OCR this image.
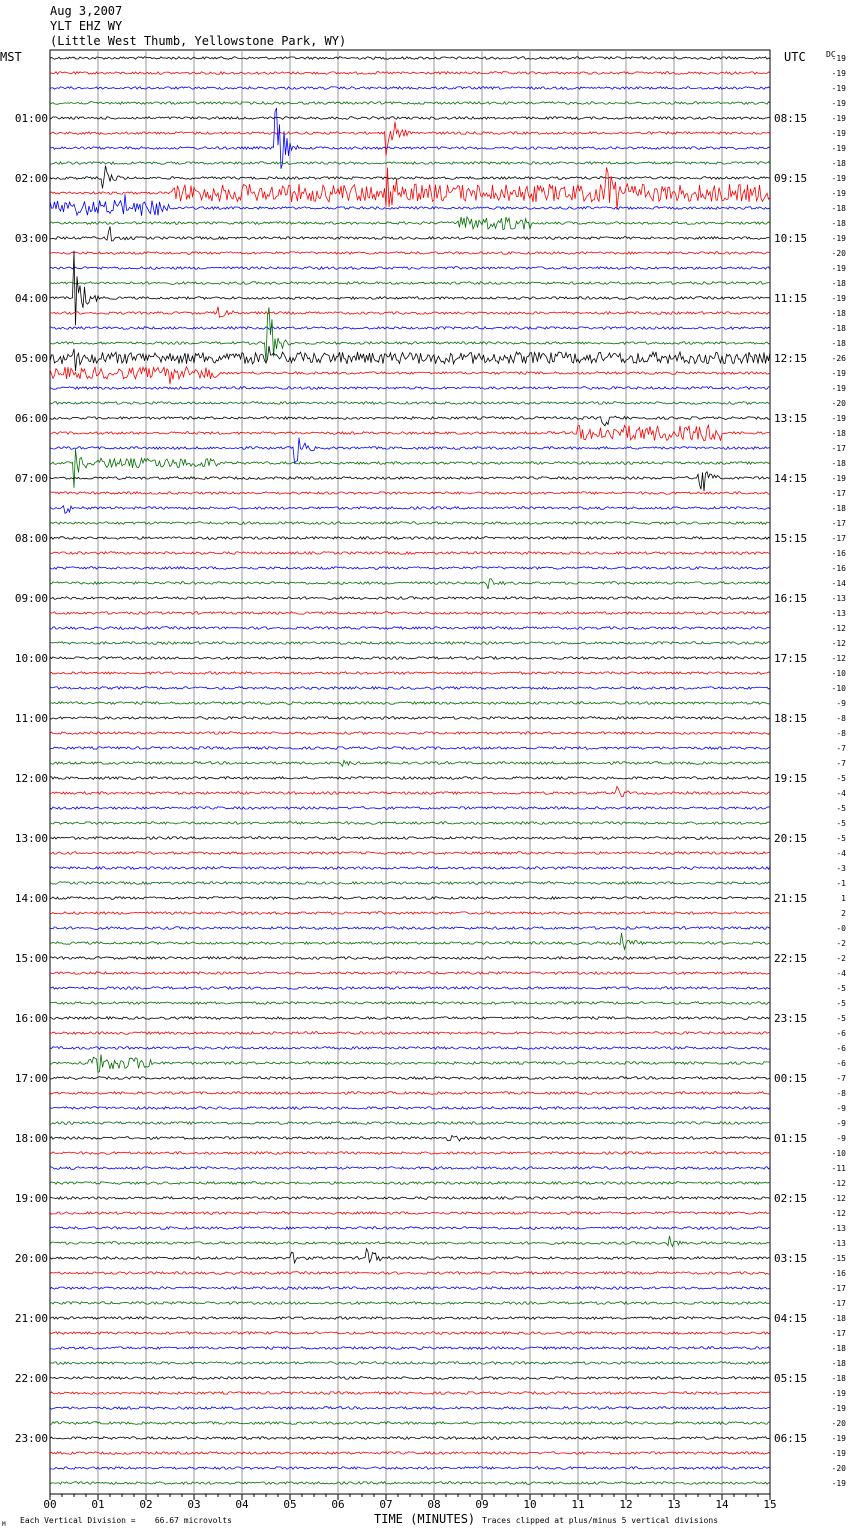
Aug 3,2007
YLT EHZ WY
(Little West Thumb, Yellowstone Park, WY)
MST	UTC	DC
00	01	02	03	04	05	06	07	08	09	10	11	12	13	14	15
-19
-19
-19
-19
-19
-19
-19
-18
-19
-19
-18
-18
-19
-20
-19
-18
-19
-18
-18
-18
-26
-19
-19
-20
-19
-18
-17
-18
-19
-17
-18
-17
-17
-16
-16
-14
-13
-13
-12
-12
-12
-10
-10
-9
-8
-8
-7
-7
-5
-4
-5
-5
-5
-4
-3
-1
1
2
-0
-2
-2
-4
-5
-5
-5
-6
-6
-6
-7
-8
-9
-9
-9
-10
-11
-12
-12
-12
-13
-13
-15
-16
-17
-17
-18
-17
-18
-18
-18
-19
-19
-20
-19
-19
-20
-19
01:00
02:00
03:00
04:00
05:00
06:00
07:00
08:00
09:00
10:00
11:00
12:00
13:00
14:00
15:00
16:00
17:00
18:00
19:00
20:00
21:00
22:00
23:00
08:15
09:15
10:15
11:15
12:15
13:15
14:15
15:15
16:15
17:15
18:15
19:15
20:15
21:15
22:15
23:15
00:15
01:15
02:15
03:15
04:15
05:15
06:15
TIME (MINUTES)
Each Vertical Division =    66.67 microvolts	Traces clipped at plus/minus 5 vertical divisions
M
